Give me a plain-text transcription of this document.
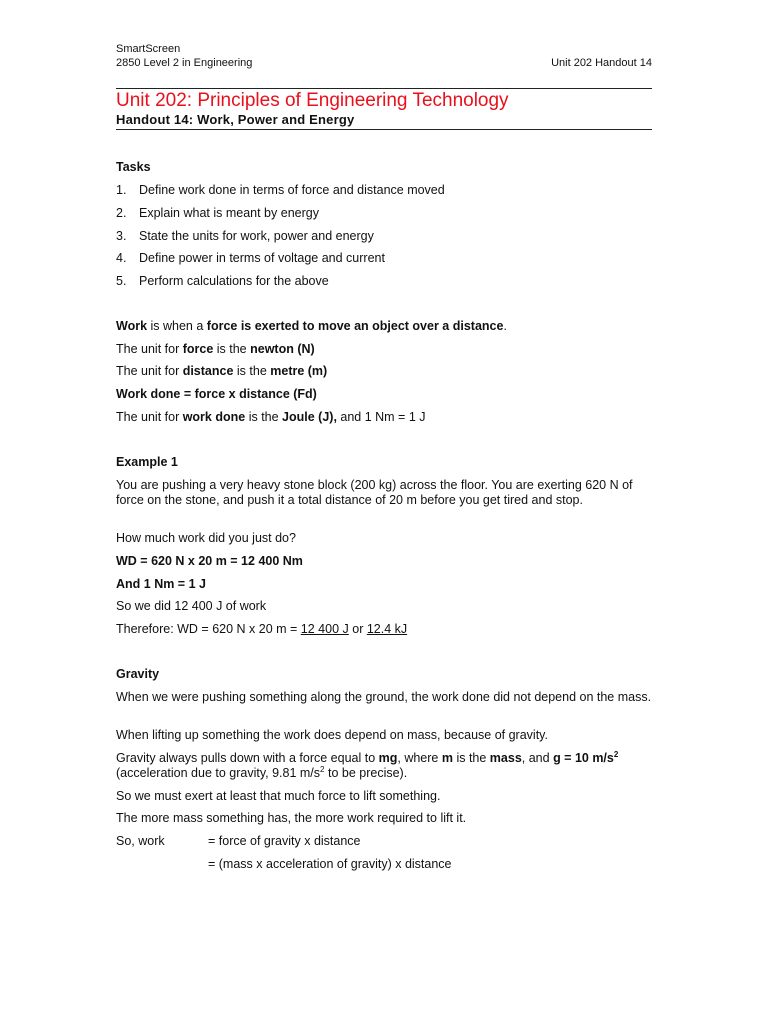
SmartScreen
2850 Level 2 in Engineering	Unit 202 Handout 14
Unit 202: Principles of Engineering Technology
Handout 14: Work, Power and Energy
Tasks
1. Define work done in terms of force and distance moved
2. Explain what is meant by energy
3. State the units for work, power and energy
4. Define power in terms of voltage and current
5. Perform calculations for the above
Work is when a force is exerted to move an object over a distance.
The unit for force is the newton (N)
The unit for distance is the metre (m)
Work done = force x distance (Fd)
The unit for work done is the Joule (J), and 1 Nm = 1 J
Example 1
You are pushing a very heavy stone block (200 kg) across the floor. You are exerting 620 N of force on the stone, and push it a total distance of 20 m before you get tired and stop.
How much work did you just do?
WD = 620 N x 20 m = 12 400 Nm
And 1 Nm = 1 J
So we did 12 400 J of work
Therefore: WD = 620 N x 20 m = 12 400 J or 12.4 kJ
Gravity
When we were pushing something along the ground, the work done did not depend on the mass.
When lifting up something the work does depend on mass, because of gravity.
Gravity always pulls down with a force equal to mg, where m is the mass, and g = 10 $m/s^2$ (acceleration due to gravity, 9.81 $m/s^2$ to be precise).
So we must exert at least that much force to lift something.
The more mass something has, the more work required to lift it.
So, work	= force of gravity x distance
= (mass x acceleration of gravity) x distance
